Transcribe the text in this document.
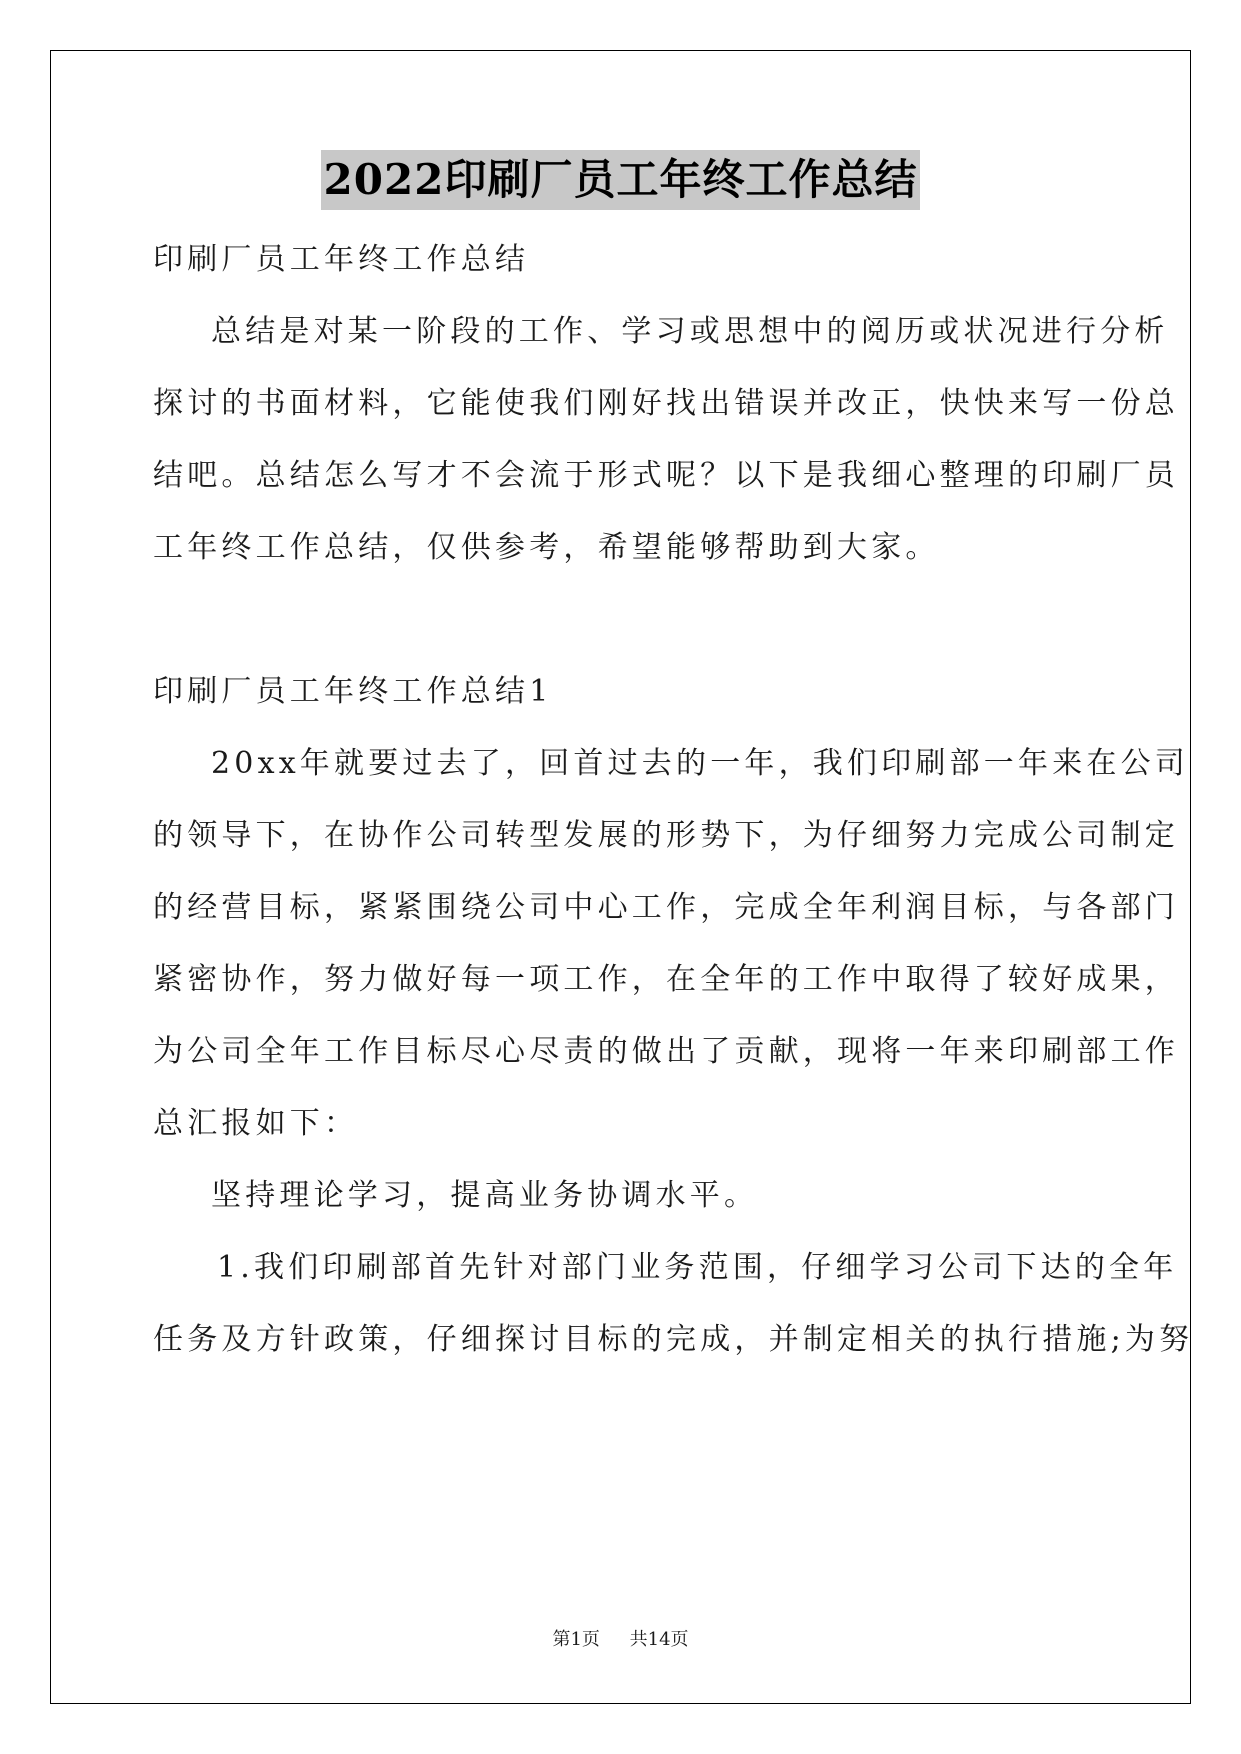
2022印刷厂员工年终工作总结
印刷厂员工年终工作总结
总结是对某一阶段的工作、学习或思想中的阅历或状况进行分析
探讨的书面材料，它能使我们刚好找出错误并改正，快快来写一份总
结吧。总结怎么写才不会流于形式呢？以下是我细心整理的印刷厂员
工年终工作总结，仅供参考，希望能够帮助到大家。
印刷厂员工年终工作总结1
20xx年就要过去了，回首过去的一年，我们印刷部一年来在公司
的领导下，在协作公司转型发展的形势下，为仔细努力完成公司制定
的经营目标，紧紧围绕公司中心工作，完成全年利润目标，与各部门
紧密协作，努力做好每一项工作，在全年的工作中取得了较好成果，
为公司全年工作目标尽心尽责的做出了贡献，现将一年来印刷部工作
总汇报如下：
坚持理论学习，提高业务协调水平。
1.我们印刷部首先针对部门业务范围，仔细学习公司下达的全年
任务及方针政策，仔细探讨目标的完成，并制定相关的执行措施;为努
第1页 共14页
